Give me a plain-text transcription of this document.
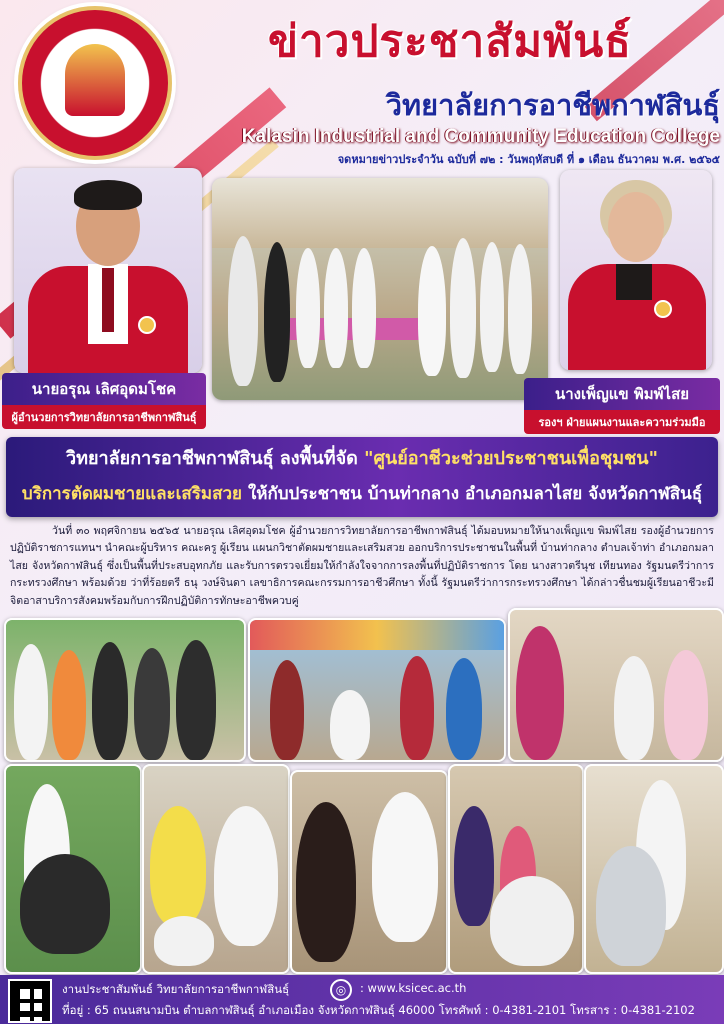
ข่าวประชาสัมพันธ์
วิทยาลัยการอาชีพกาฬสินธุ์
Kalasin Industrial and Community Education College
จดหมายข่าวประจำวัน ฉบับที่ ๗๒ : วันพฤหัสบดี ที่ ๑ เดือน ธันวาคม พ.ศ. ๒๕๖๕
นายอรุณ เลิศอุดมโชค
ผู้อำนวยการวิทยาลัยการอาชีพกาฬสินธุ์
นางเพ็ญแข พิมพ์ไสย
รองฯ ฝ่ายแผนงานและความร่วมมือ
วิทยาลัยการอาชีพกาฬสินธุ์ ลงพื้นที่จัด "ศูนย์อาชีวะช่วยประชาชนเพื่อชุมชน"
บริการตัดผมชายและเสริมสวย ให้กับประชาชน บ้านท่ากลาง อำเภอกมลาไสย จังหวัดกาฬสินธุ์
วันที่ ๓๐ พฤศจิกายน ๒๕๖๕ นายอรุณ เลิศอุดมโชค ผู้อำนวยการวิทยาลัยการอาชีพกาฬสินธุ์ ได้มอบหมายให้นางเพ็ญแข พิมพ์ไสย รองผู้อำนวยการปฏิบัติราชการแทนฯ นำคณะผู้บริหาร คณะครู ผู้เรียน แผนกวิชาตัดผมชายและเสริมสวย ออกบริการประชาชนในพื้นที่ บ้านท่ากลาง ตำบลเจ้าท่า อำเภอกมลาไสย จังหวัดกาฬสินธุ์ ซึ่งเป็นพื้นที่ประสบอุทกภัย และรับการตรวจเยี่ยมให้กำลังใจจากการลงพื้นที่ปฏิบัติราชการ โดย นางสาวตรีนุช เทียนทอง รัฐมนตรีว่าการกระทรวงศึกษา พร้อมด้วย ว่าที่ร้อยตรี ธนุ วงษ์จินดา เลขาธิการคณะกรรมการอาชีวศึกษา ทั้งนี้ รัฐมนตรีว่าการกระทรวงศึกษา ได้กล่าวชื่นชมผู้เรียนอาชีวะมีจิตอาสาบริการสังคมพร้อมกับการฝึกปฏิบัติการทักษะอาชีพควบคู่
งานประชาสัมพันธ์ วิทยาลัยการอาชีพกาฬสินธุ์	◎	: www.ksicec.ac.th
ที่อยู่ : 65 ถนนสนามบิน ตำบลกาฬสินธุ์ อำเภอเมือง จังหวัดกาฬสินธุ์ 46000 โทรศัพท์ : 0-4381-2101 โทรสาร : 0-4381-2102
